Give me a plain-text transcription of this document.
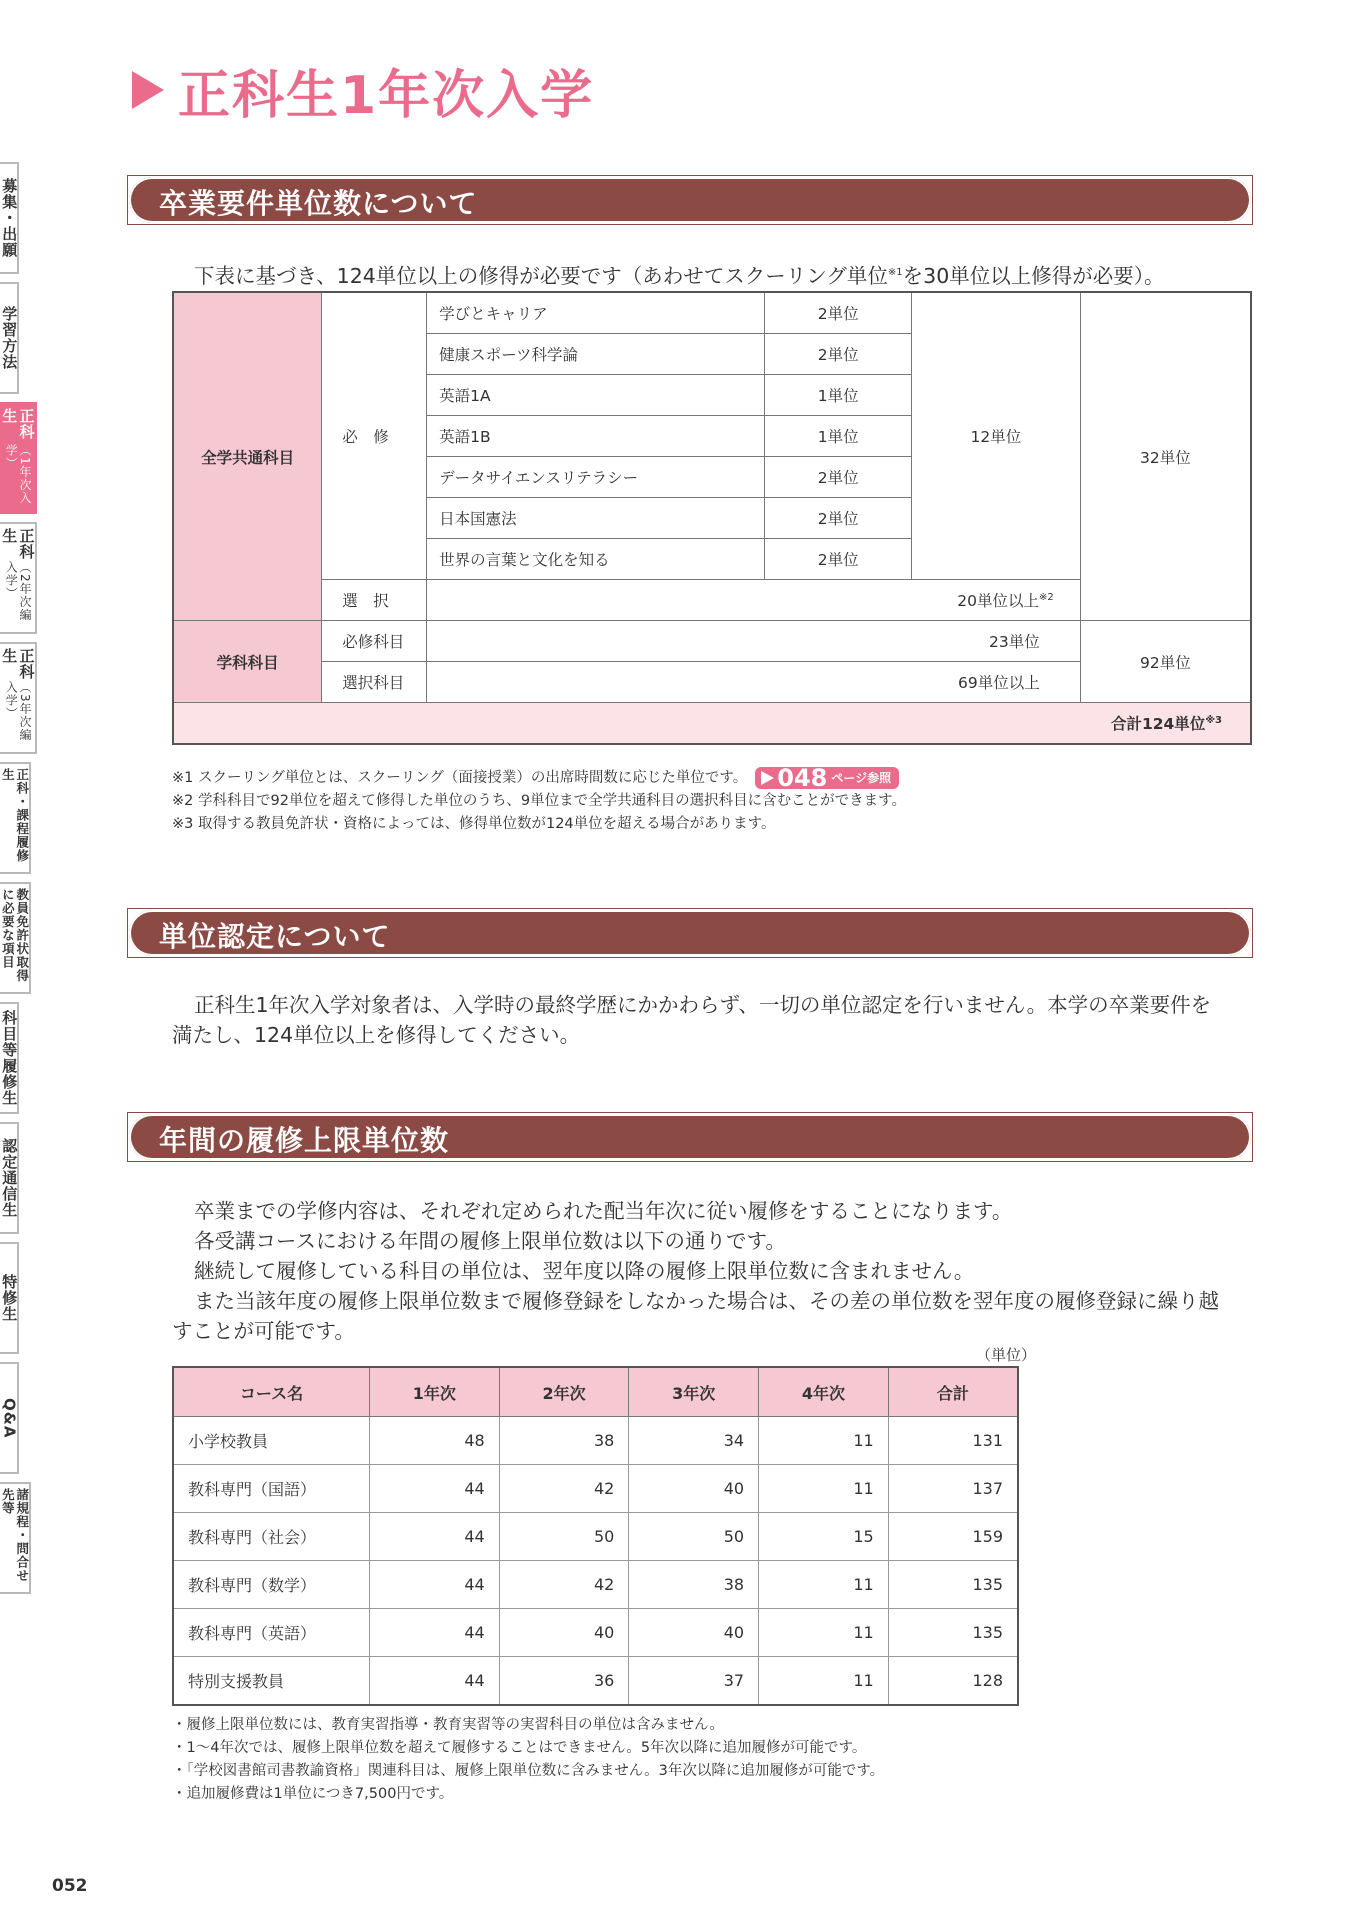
正科生1年次入学
募集・出願
学習方法
正科生
（1年次入学）
正科生
（2年次編入学）
正科生
（3年次編入学）
正科・課程履修生
教員免許状取得に必要な項目
科目等履修生
認定通信生
特修生
Q&A
諸規程・問合せ先等
卒業要件単位数について
下表に基づき、124単位以上の修得が必要です（あわせてスクーリング単位$^{※1}$を30単位以上修得が必要）。
全学共通科目	必　修	学びとキャリア	2単位	12単位	32単位
		健康スポーツ科学論	2単位		
		英語1A	1単位		
		英語1B	1単位		
		データサイエンスリテラシー	2単位		
		日本国憲法	2単位		
		世界の言葉と文化を知る	2単位		
	選　択	20単位以上$^{※2}$
学科科目	必修科目	23単位			92単位
	選択科目	69単位以上			
合計124単位$^{※3}$
※1 スクーリング単位とは、スクーリング（面接授業）の出席時間数に応じた単位です。 048 ページ参照
※2 学科科目で92単位を超えて修得した単位のうち、9単位まで全学共通科目の選択科目に含むことができます。
※3 取得する教員免許状・資格によっては、修得単位数が124単位を超える場合があります。
単位認定について
正科生1年次入学対象者は、入学時の最終学歴にかかわらず、一切の単位認定を行いません。本学の卒業要件を
満たし、124単位以上を修得してください。
年間の履修上限単位数
卒業までの学修内容は、それぞれ定められた配当年次に従い履修をすることになります。
各受講コースにおける年間の履修上限単位数は以下の通りです。
継続して履修している科目の単位は、翌年度以降の履修上限単位数に含まれません。
また当該年度の履修上限単位数まで履修登録をしなかった場合は、その差の単位数を翌年度の履修登録に繰り越
すことが可能です。
（単位）
コース名	1年次	2年次	3年次	4年次	合計
小学校教員	48	38	34	11	131
教科専門（国語）	44	42	40	11	137
教科専門（社会）	44	50	50	15	159
教科専門（数学）	44	42	38	11	135
教科専門（英語）	44	40	40	11	135
特別支援教員	44	36	37	11	128
・履修上限単位数には、教育実習指導・教育実習等の実習科目の単位は含みません。
・1〜4年次では、履修上限単位数を超えて履修することはできません。5年次以降に追加履修が可能です。
・「学校図書館司書教諭資格」関連科目は、履修上限単位数に含みません。3年次以降に追加履修が可能です。
・追加履修費は1単位につき7,500円です。
052
